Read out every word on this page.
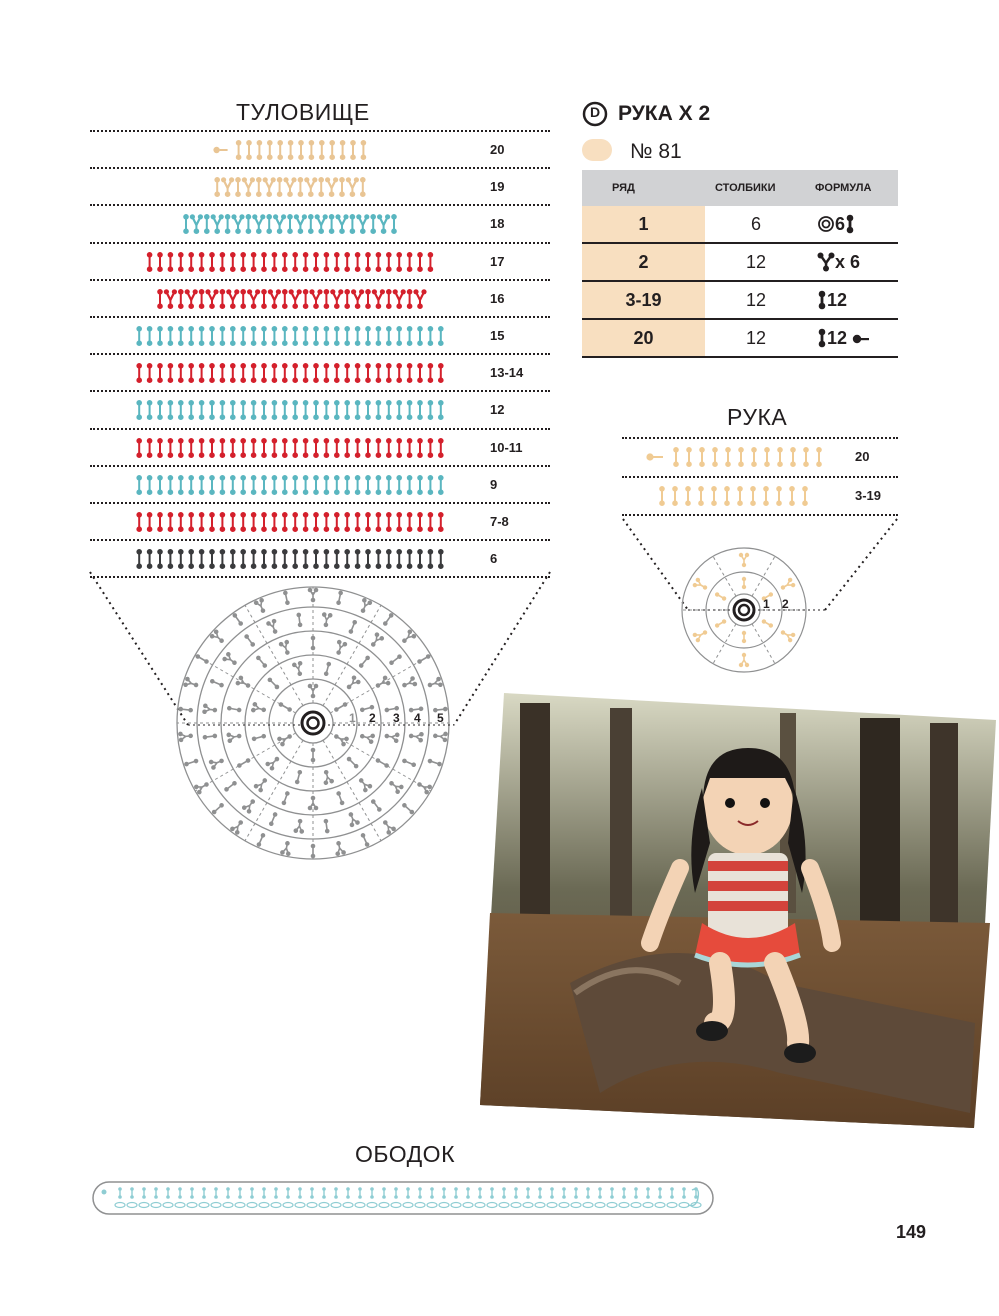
ТУЛОВИЩЕ
20
19
18
17
16
15
13-14
12
10-11
9
7-8
6
1 2 3 4 5
D РУКА Х 2
№ 81
РЯД	СТОЛБИКИ	ФОРМУЛА
1	6	6
2	12	x 6
3-19	12	12
20	12	12
РУКА
20
3-19
1 2
ОБОДОК
149
